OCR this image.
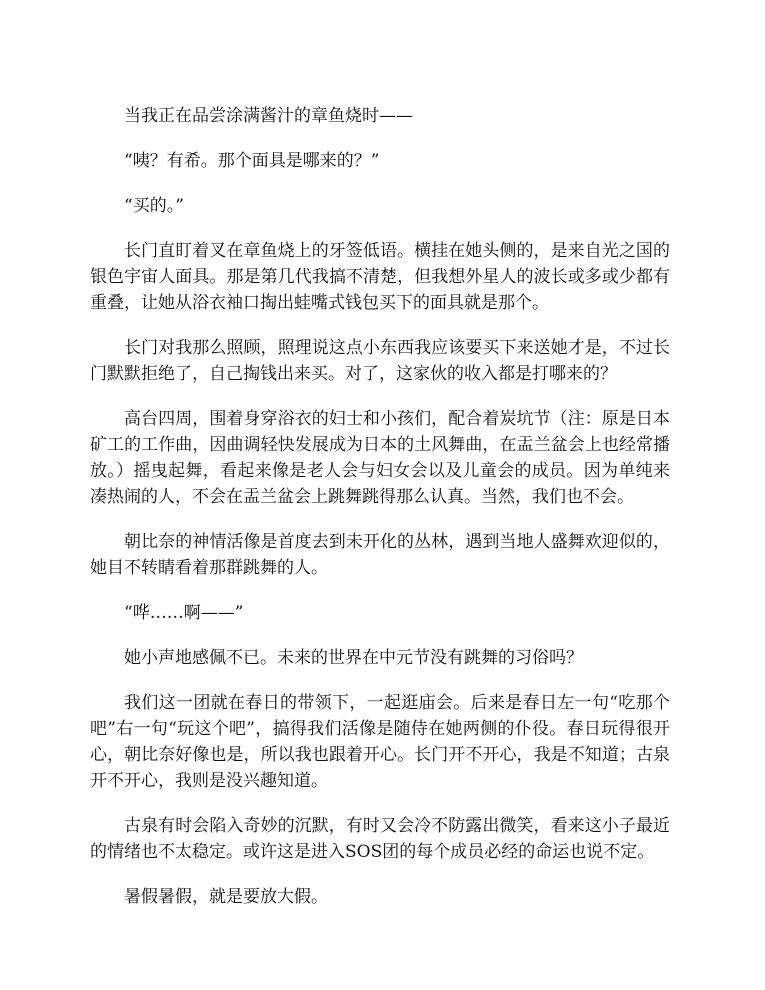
当我正在品尝涂满酱汁的章鱼烧时——

“咦？有希。那个面具是哪来的？”

“买的。”

长门直盯着叉在章鱼烧上的牙签低语。横挂在她头侧的，是来自光之国的银色宇宙人面具。那是第几代我搞不清楚，但我想外星人的波长或多或少都有重叠，让她从浴衣袖口掏出蛙嘴式钱包买下的面具就是那个。

长门对我那么照顾，照理说这点小东西我应该要买下来送她才是，不过长门默默拒绝了，自己掏钱出来买。对了，这家伙的收入都是打哪来的？

高台四周，围着身穿浴衣的妇士和小孩们，配合着炭坑节（注：原是日本矿工的工作曲，因曲调轻快发展成为日本的土风舞曲，在盂兰盆会上也经常播放。）摇曳起舞，看起来像是老人会与妇女会以及儿童会的成员。因为单纯来凑热闹的人，不会在盂兰盆会上跳舞跳得那么认真。当然，我们也不会。

朝比奈的神情活像是首度去到未开化的丛林，遇到当地人盛舞欢迎似的，她目不转睛看着那群跳舞的人。

“哗……啊——”

她小声地感佩不已。未来的世界在中元节没有跳舞的习俗吗？

我们这一团就在春日的带领下，一起逛庙会。后来是春日左一句“吃那个吧”右一句“玩这个吧”，搞得我们活像是随侍在她两侧的仆役。春日玩得很开心，朝比奈好像也是，所以我也跟着开心。长门开不开心，我是不知道；古泉开不开心，我则是没兴趣知道。

古泉有时会陷入奇妙的沉默，有时又会冷不防露出微笑，看来这小子最近的情绪也不太稳定。或许这是进入SOS团的每个成员必经的命运也说不定。

暑假暑假，就是要放大假。
